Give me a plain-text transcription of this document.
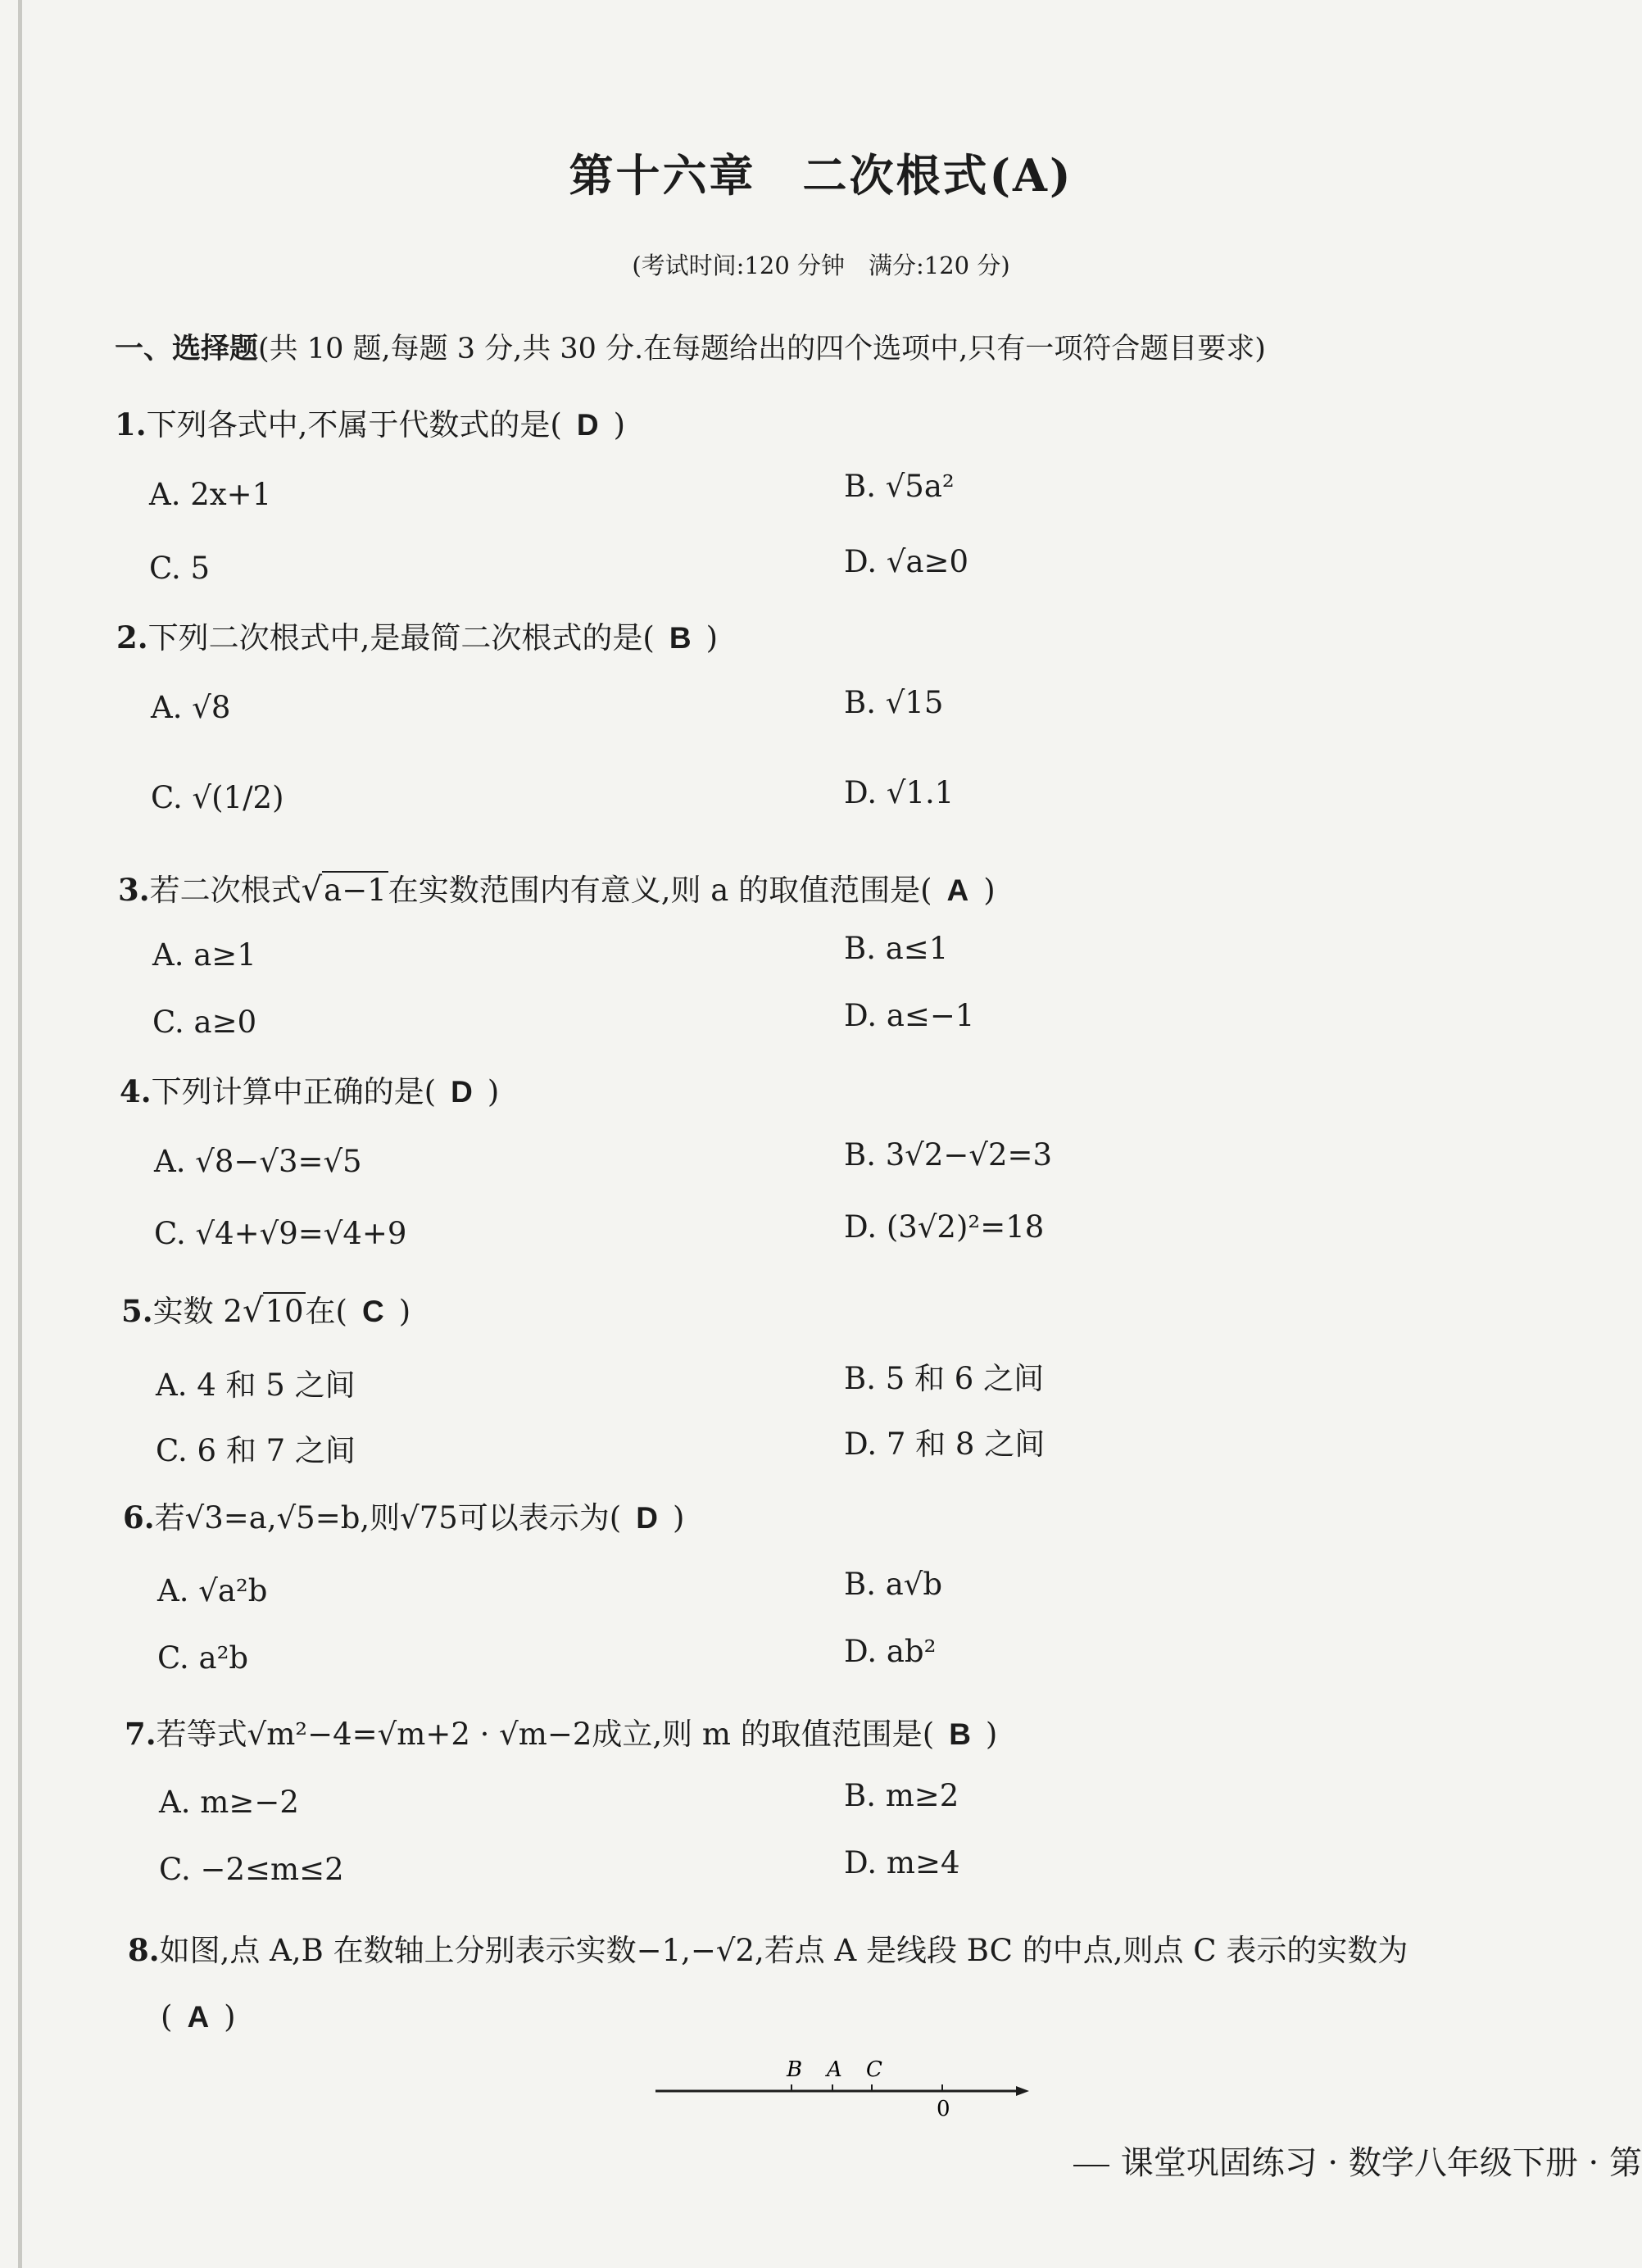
第十六章　二次根式(A)
(考试时间:120 分钟　满分:120 分)
一、选择题(共 10 题,每题 3 分,共 30 分.在每题给出的四个选项中,只有一项符合题目要求)
1.下列各式中,不属于代数式的是( D )
A. 2x+1	B. √5a²
C. 5	D. √a≥0
2.下列二次根式中,是最简二次根式的是( B )
A. √8	B. √15
C. √(1/2)	D. √1.1
3.若二次根式√a−1在实数范围内有意义,则 a 的取值范围是( A )
A. a≥1	B. a≤1
C. a≥0	D. a≤−1
4.下列计算中正确的是( D )
A. √8−√3=√5	B. 3√2−√2=3
C. √4+√9=√4+9	D. (3√2)²=18
5.实数 2√10在( C )
A. 4 和 5 之间	B. 5 和 6 之间
C. 6 和 7 之间	D. 7 和 8 之间
6.若√3=a,√5=b,则√75可以表示为( D )
A. √a²b	B. a√b
C. a²b	D. ab²
7.若等式√m²−4=√m+2 · √m−2成立,则 m 的取值范围是( B )
A. m≥−2	B. m≥2
C. −2≤m≤2	D. m≥4
8.如图,点 A,B 在数轴上分别表示实数−1,−√2,若点 A 是线段 BC 的中点,则点 C 表示的实数为
( A )
B A C
0
课堂巩固练习 · 数学八年级下册 · 第
